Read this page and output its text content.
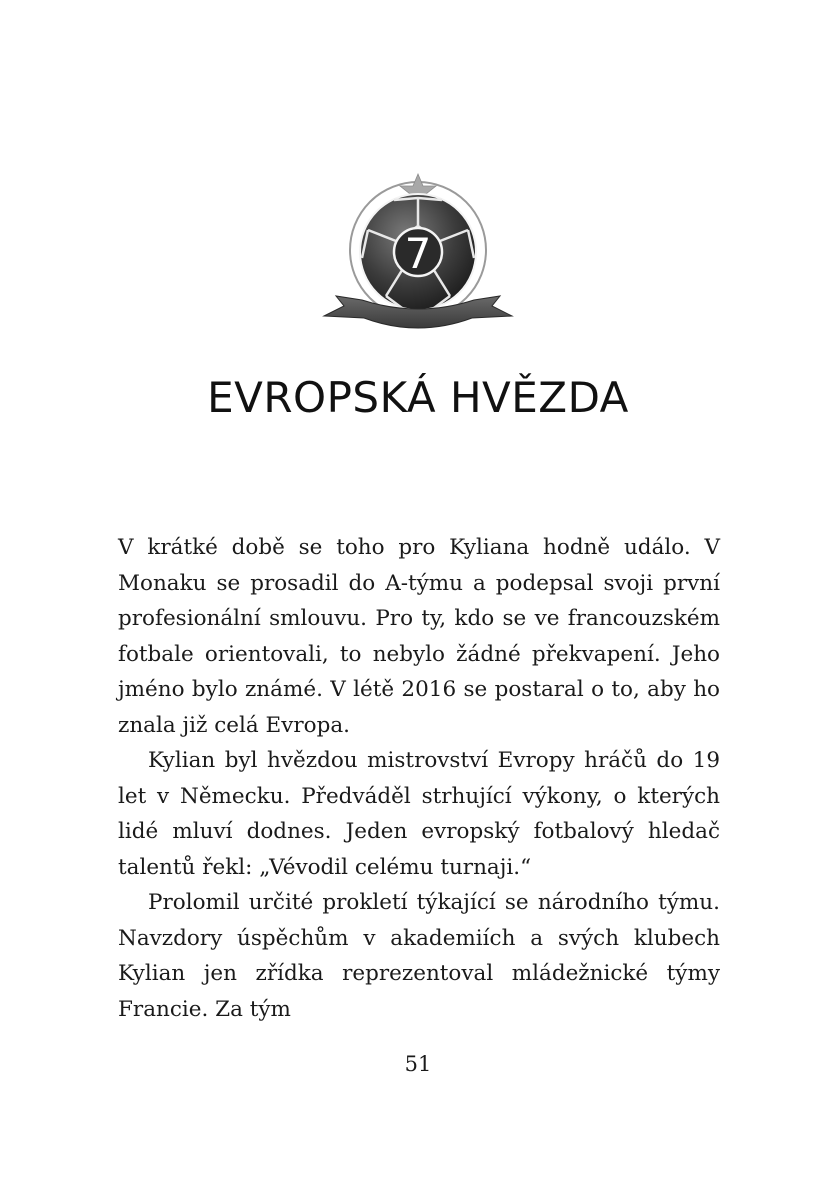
7
EVROPSKÁ HVĚZDA

V krátké době se toho pro Kyliana hodně událo. V Monaku se prosadil do A-týmu a podepsal svoji první profesionální smlouvu. Pro ty, kdo se ve francouzském fotbale orientovali, to nebylo žádné překvapení. Jeho jméno bylo známé. V létě 2016 se postaral o to, aby ho znala již celá Evropa.

Kylian byl hvězdou mistrovství Evropy hráčů do 19 let v Německu. Předváděl strhující výkony, o kterých lidé mluví dodnes. Jeden evropský fotbalový hledač talentů řekl: „Vévodil celému turnaji.“

Prolomil určité prokletí týkající se národního týmu. Navzdory úspěchům v akademiích a svých klubech Kylian jen zřídka reprezentoval mládežnické týmy Francie. Za tým

51
